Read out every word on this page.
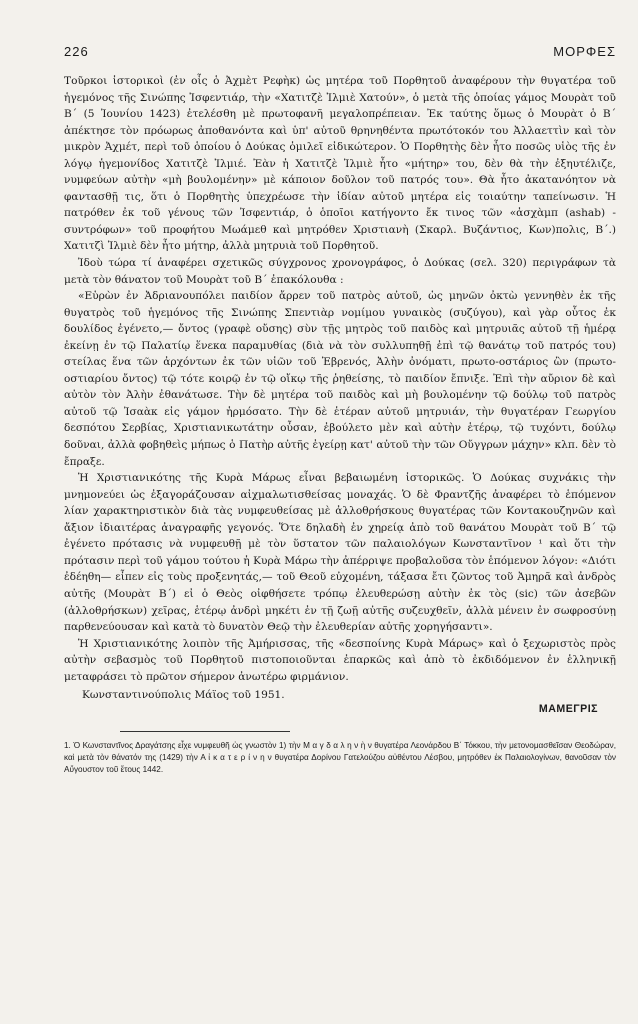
226	ΜΟΡΦΕΣ

Τοῦρκοι ἱστορικοὶ (ἐν οἷς ὁ Ἀχμὲτ Ρεφὴκ) ὡς μητέρα τοῦ Πορθητοῦ ἀναφέρουν τὴν θυγατέρα τοῦ ἡγεμόνος τῆς Σινώπης Ἰσφεντιάρ, τὴν «Χατιτζὲ Ἰλμιὲ Χατούν», ὁ μετὰ τῆς ὁποίας γάμος Μουρὰτ τοῦ Β΄ (5 Ἰουνίου 1423) ἐτελέσθη μὲ πρωτοφανῆ μεγαλοπρέπειαν. Ἐκ ταύτης ὅμως ὁ Μουρὰτ ὁ Β΄ ἀπέκτησε τὸν πρόωρως ἀποθανόντα καὶ ὑπ' αὐτοῦ θρηνηθέντα πρωτότοκόν του Ἀλλαεττὶν καὶ τὸν μικρὸν Ἀχμέτ, περὶ τοῦ ὁποίου ὁ Δούκας ὁμιλεῖ εἰδικώτερον. Ὁ Πορθητὴς δὲν ἦτο ποσῶς υἱὸς τῆς ἐν λόγῳ ἡγεμονίδος Χατιτζὲ Ἰλμιέ. Ἐὰν ἡ Χατιτζὲ Ἰλμιὲ ἦτο «μήτηρ» του, δὲν θὰ τὴν ἐξηυτέλιζε, νυμφεύων αὐτὴν «μὴ βουλομένην» μὲ κάποιον δοῦλον τοῦ πατρός του». Θὰ ἦτο ἀκατανόητον νὰ φαντασθῇ τις, ὅτι ὁ Πορθητὴς ὑπεχρέωσε τὴν ἰδίαν αὐτοῦ μητέρα εἰς τοιαύτην ταπείνωσιν. Ἡ πατρόθεν ἐκ τοῦ γένους τῶν Ἰσφεντιάρ, ὁ ὁποῖοι κατήγοντο ἔκ τινος τῶν «ἀσχὰμπ (ashab) - συντρόφων» τοῦ προφήτου Μωάμεθ καὶ μητρόθεν Χριστιανὴ (Σκαρλ. Βυζάντιος, Κων)πολις, Β΄.) Χατιτζὶ Ἰλμιὲ δὲν ἦτο μήτηρ, ἀλλὰ μητρυιὰ τοῦ Πορθητοῦ.

Ἰδοὺ τώρα τί ἀναφέρει σχετικῶς σύγχρονος χρονογράφος, ὁ Δούκας (σελ. 320) περιγράφων τὰ μετὰ τὸν θάνατον τοῦ Μουρὰτ τοῦ Β΄ ἐπακόλουθα :

«Εὑρὼν ἐν Ἀδριανουπόλει παιδίον ἄρρεν τοῦ πατρὸς αὐτοῦ, ὡς μηνῶν ὀκτὼ γεννηθὲν ἐκ τῆς θυγατρὸς τοῦ ἡγεμόνος τῆς Σινώπης Σπεντιὰρ νομίμου γυναικὸς (συζύγου), καὶ γὰρ οὗτος ἐκ δουλίδος ἐγένετο,— ὄντος (γραφὲ οὔσης) σὺν τῇς μητρὸς τοῦ παιδὸς καὶ μητρυιᾶς αὐτοῦ τῇ ἡμέρᾳ ἐκείνῃ ἐν τῷ Παλατίῳ ἕνεκα παραμυθίας (διὰ νὰ τὸν συλλυπηθῇ ἐπὶ τῷ θανάτῳ τοῦ πατρός του) στείλας ἕνα τῶν ἀρχόντων ἐκ τῶν υἱῶν τοῦ Ἐβρενός, Ἀλὴν ὀνόματι, πρωτο-οστάριος ὢν (πρωτο-οστιαρίου ὄντος) τῷ τότε κοιρῷ ἐν τῷ οἴκῳ τῆς ῥηθείσης, τὸ παιδίον ἔπνιξε. Ἐπὶ τὴν αὔριον δὲ καὶ αὐτὸν τὸν Ἀλὴν ἐθανάτωσε. Τὴν δὲ μητέρα τοῦ παιδὸς καὶ μὴ βουλομένην τῷ δούλῳ τοῦ πατρὸς αὐτοῦ τῷ Ἰσαὰκ εἰς γάμον ἡρμόσατο. Τὴν δὲ ἑτέραν αὐτοῦ μητρυιάν, τὴν θυγατέραν Γεωργίου δεσπότου Σερβίας, Χριστιανικωτάτην οὖσαν, ἐβούλετο μὲν καὶ αὐτὴν ἑτέρῳ, τῷ τυχόντι, δούλῳ δοῦναι, ἀλλὰ φοβηθεὶς μήπως ὁ Πατὴρ αὐτῆς ἐγείρῃ κατ' αὐτοῦ τὴν τῶν Οὔγγρων μάχην» κλπ. δὲν τὸ ἔπραξε.

Ἡ Χριστιανικότης τῆς Κυρὰ Μάρως εἶναι βεβαιωμένη ἱστορικῶς. Ὁ Δούκας συχνάκις τὴν μνημονεύει ὡς ἐξαγοράζουσαν αἰχμαλωτισθείσας μοναχάς. Ὁ δὲ Φραντζῆς ἀναφέρει τὸ ἑπόμενον λίαν χαρακτηριστικὸν διὰ τὰς νυμφευθείσας μὲ ἀλλοθρήσκους θυγατέρας τῶν Κοντακουζηνῶν καὶ ἄξιον ἰδιαιτέρας ἀναγραφῆς γεγονός. Ὅτε δηλαδὴ ἐν χηρείᾳ ἀπὸ τοῦ θανάτου Μουρὰτ τοῦ Β΄ τῷ ἐγένετο πρότασις νὰ νυμφευθῇ μὲ τὸν ὕστατον τῶν παλαιολόγων Κωνσταντῖνον ¹ καὶ ὅτι τὴν πρότασιν περὶ τοῦ γάμου τούτου ἡ Κυρὰ Μάρω τὴν ἀπέρριψε προβαλοῦσα τὸν ἑπόμενον λόγον: «Διότι ἐδέηθη— εἶπεν εἰς τοὺς προξενητάς,— τοῦ Θεοῦ εὐχομένη, τάξασα ἔτι ζῶντος τοῦ Ἀμηρᾶ καὶ ἀνδρὸς αὐτῆς (Μουρὰτ Β΄) εἰ ὁ Θεὸς οἰφθήσετε τρόπῳ ἐλευθερώσῃ αὐτὴν ἐκ τὸς (sic) τῶν ἀσεβῶν (ἀλλοθρήσκων) χεῖρας, ἑτέρῳ ἀνδρὶ μηκέτι ἐν τῇ ζωῇ αὐτῆς συζευχθεῖν, ἀλλὰ μένειν ἐν σωφροσύνῃ παρθενεύουσαν καὶ κατὰ τὸ δυνατὸν Θεῷ τὴν ἐλευθερίαν αὐτῆς χορηγήσαντι».

Ἡ Χριστιανικότης λοιπὸν τῆς Ἀμήρισσας, τῆς «δεσποίνης Κυρὰ Μάρως» καὶ ὁ ξεχωριστὸς πρὸς αὐτὴν σεβασμὸς τοῦ Πορθητοῦ πιστοποιοῦνται ἐπαρκῶς καὶ ἀπὸ τὸ ἐκδιδόμενον ἐν ἑλληνικῇ μεταφράσει τὸ πρῶτον σήμερον ἀνωτέρω φιρμάνιον.

Κωνσταντινούπολις Μάϊος τοῦ 1951.
ΜΑΜΕΓΡΙΣ

1. Ὁ Κωνσταντῖνος Δραγάτσης εἶχε νυμφευθῆ ὡς γνωστὸν 1) τὴν Μ α γ δ α λ η ν ὴ ν θυγατέρα Λεονάρδου Β΄ Τόκκου, τὴν μετονομασθεῖσαν Θεοδώραν, καὶ μετὰ τὸν θάνατόν της (1429) τὴν Α ἰ κ α τ ε ρ ί ν η ν θυγατέρα Δορίνου Γατελούζου αὐθέντου Λέσβου, μητρόθεν ἐκ Παλαιολογίνων, θανοῦσαν τὸν Αὔγουστον τοῦ ἔτους 1442.
